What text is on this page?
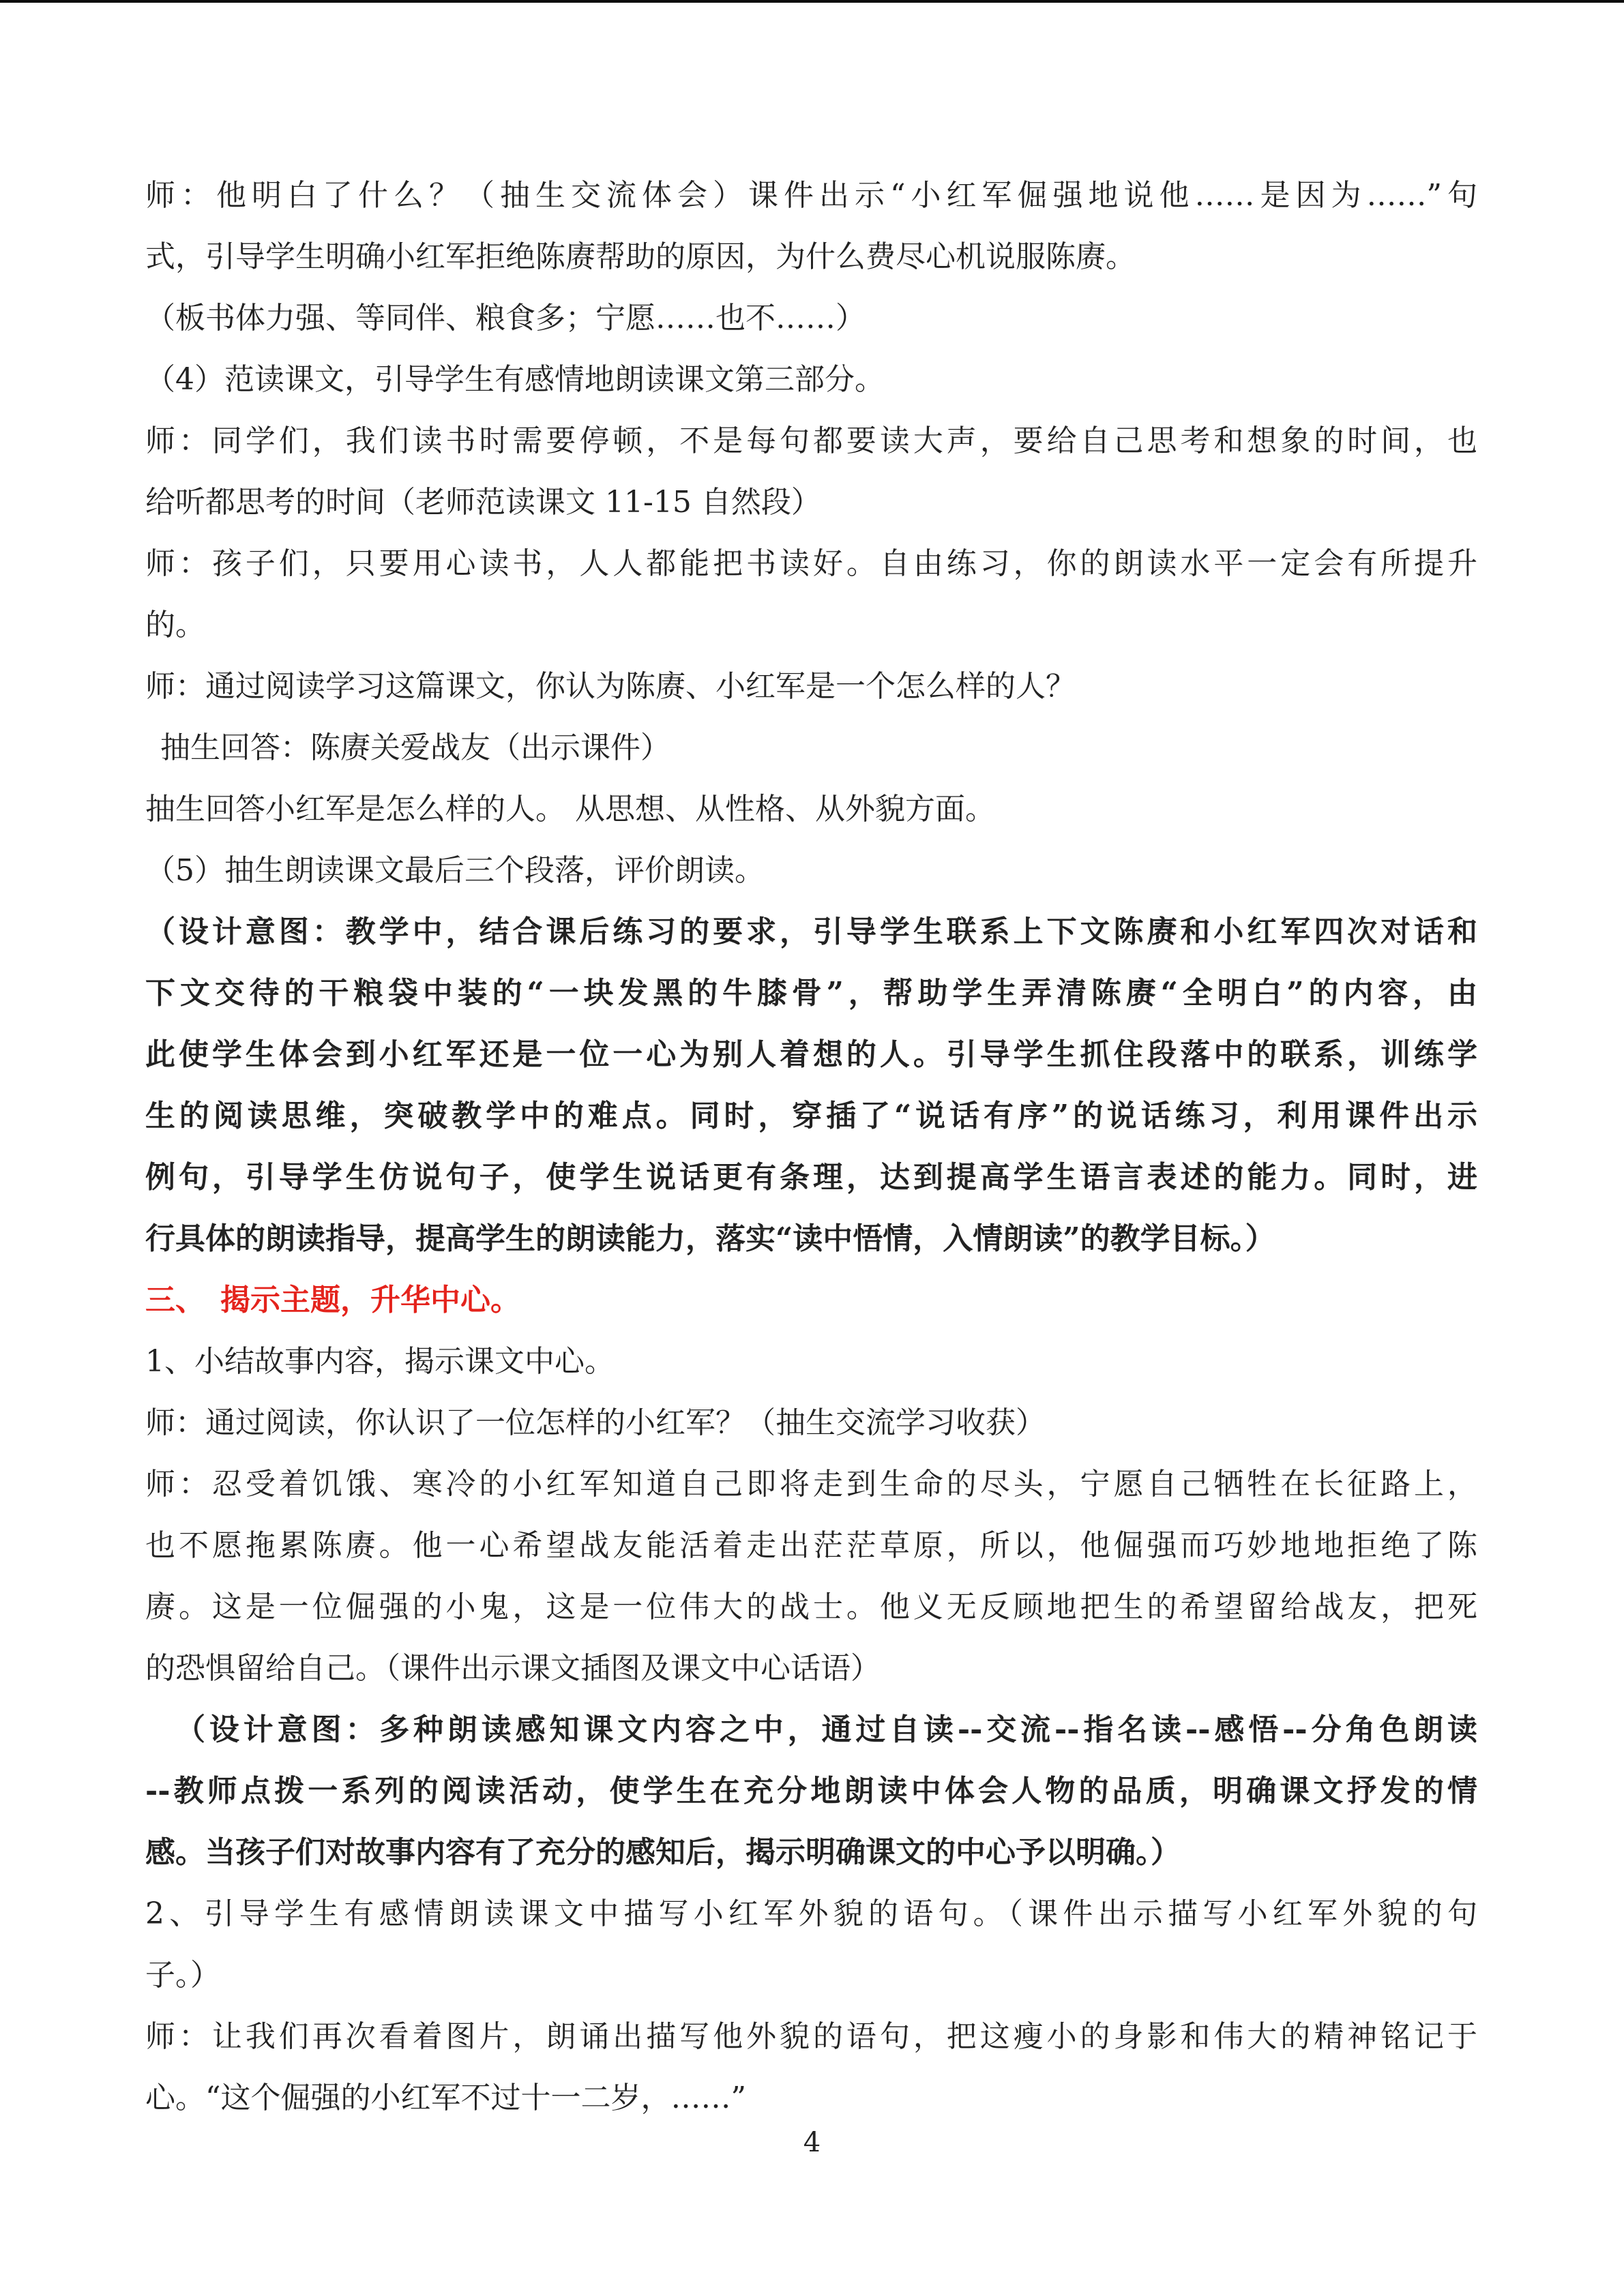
师：他明白了什么？（抽生交流体会）课件出示“小红军倔强地说他……是因为……”句
式，引导学生明确小红军拒绝陈赓帮助的原因，为什么费尽心机说服陈赓。
（板书体力强、等同伴、粮食多；宁愿……也不……）
（4）范读课文，引导学生有感情地朗读课文第三部分。
师：同学们，我们读书时需要停顿，不是每句都要读大声，要给自己思考和想象的时间，也
给听都思考的时间（老师范读课文 11-15 自然段）
师：孩子们，只要用心读书，人人都能把书读好。自由练习，你的朗读水平一定会有所提升
的。
师：通过阅读学习这篇课文，你认为陈赓、小红军是一个怎么样的人？
抽生回答：陈赓关爱战友（出示课件）
抽生回答小红军是怎么样的人。 从思想、从性格、从外貌方面。
（5）抽生朗读课文最后三个段落，评价朗读。
（设计意图：教学中，结合课后练习的要求，引导学生联系上下文陈赓和小红军四次对话和
下文交待的干粮袋中装的“一块发黑的牛膝骨”，帮助学生弄清陈赓“全明白”的内容，由
此使学生体会到小红军还是一位一心为别人着想的人。引导学生抓住段落中的联系，训练学
生的阅读思维，突破教学中的难点。同时，穿插了“说话有序”的说话练习，利用课件出示
例句，引导学生仿说句子，使学生说话更有条理，达到提高学生语言表述的能力。同时，进
行具体的朗读指导，提高学生的朗读能力，落实“读中悟情，入情朗读”的教学目标。）
三、　揭示主题，升华中心。
1、小结故事内容，揭示课文中心。
师：通过阅读，你认识了一位怎样的小红军？（抽生交流学习收获）
师：忍受着饥饿、寒冷的小红军知道自己即将走到生命的尽头，宁愿自己牺牲在长征路上，
也不愿拖累陈赓。他一心希望战友能活着走出茫茫草原，所以，他倔强而巧妙地地拒绝了陈
赓。这是一位倔强的小鬼，这是一位伟大的战士。他义无反顾地把生的希望留给战友，把死
的恐惧留给自己。（课件出示课文插图及课文中心话语）
（设计意图：多种朗读感知课文内容之中，通过自读--交流--指名读--感悟--分角色朗读
--教师点拨一系列的阅读活动，使学生在充分地朗读中体会人物的品质，明确课文抒发的情
感。当孩子们对故事内容有了充分的感知后，揭示明确课文的中心予以明确。）
2、引导学生有感情朗读课文中描写小红军外貌的语句。（课件出示描写小红军外貌的句
子。）
师：让我们再次看着图片，朗诵出描写他外貌的语句，把这瘦小的身影和伟大的精神铭记于
心。“这个倔强的小红军不过十一二岁，……”
4
